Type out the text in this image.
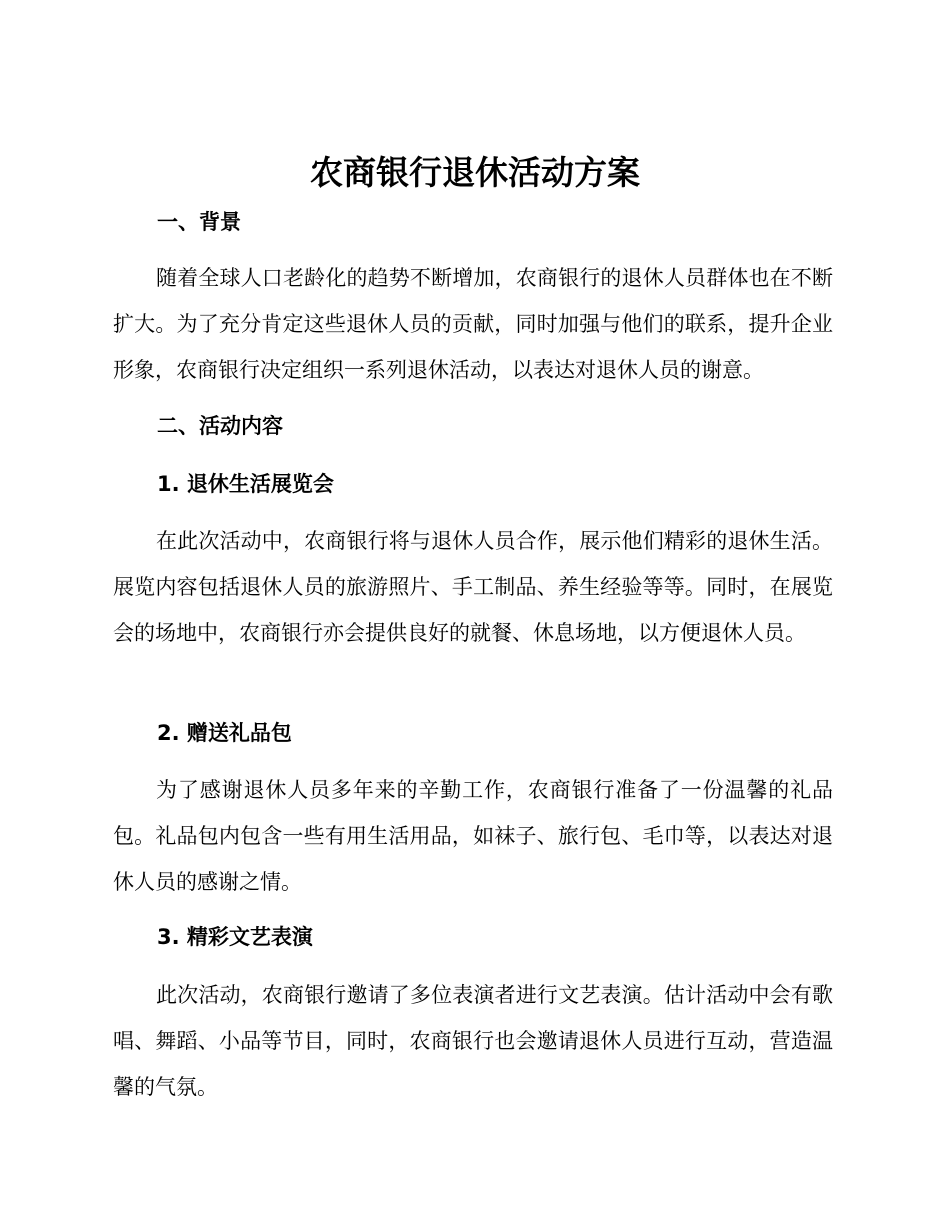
农商银行退休活动方案
一、背景

随着全球人口老龄化的趋势不断增加，农商银行的退休人员群体也在不断扩大。为了充分肯定这些退休人员的贡献，同时加强与他们的联系，提升企业形象，农商银行决定组织一系列退休活动，以表达对退休人员的谢意。

二、活动内容
1. 退休生活展览会

在此次活动中，农商银行将与退休人员合作，展示他们精彩的退休生活。展览内容包括退休人员的旅游照片、手工制品、养生经验等等。同时，在展览会的场地中，农商银行亦会提供良好的就餐、休息场地，以方便退休人员。

2. 赠送礼品包

为了感谢退休人员多年来的辛勤工作，农商银行准备了一份温馨的礼品包。礼品包内包含一些有用生活用品，如袜子、旅行包、毛巾等，以表达对退休人员的感谢之情。

3. 精彩文艺表演

此次活动，农商银行邀请了多位表演者进行文艺表演。估计活动中会有歌唱、舞蹈、小品等节目，同时，农商银行也会邀请退休人员进行互动，营造温馨的气氛。
